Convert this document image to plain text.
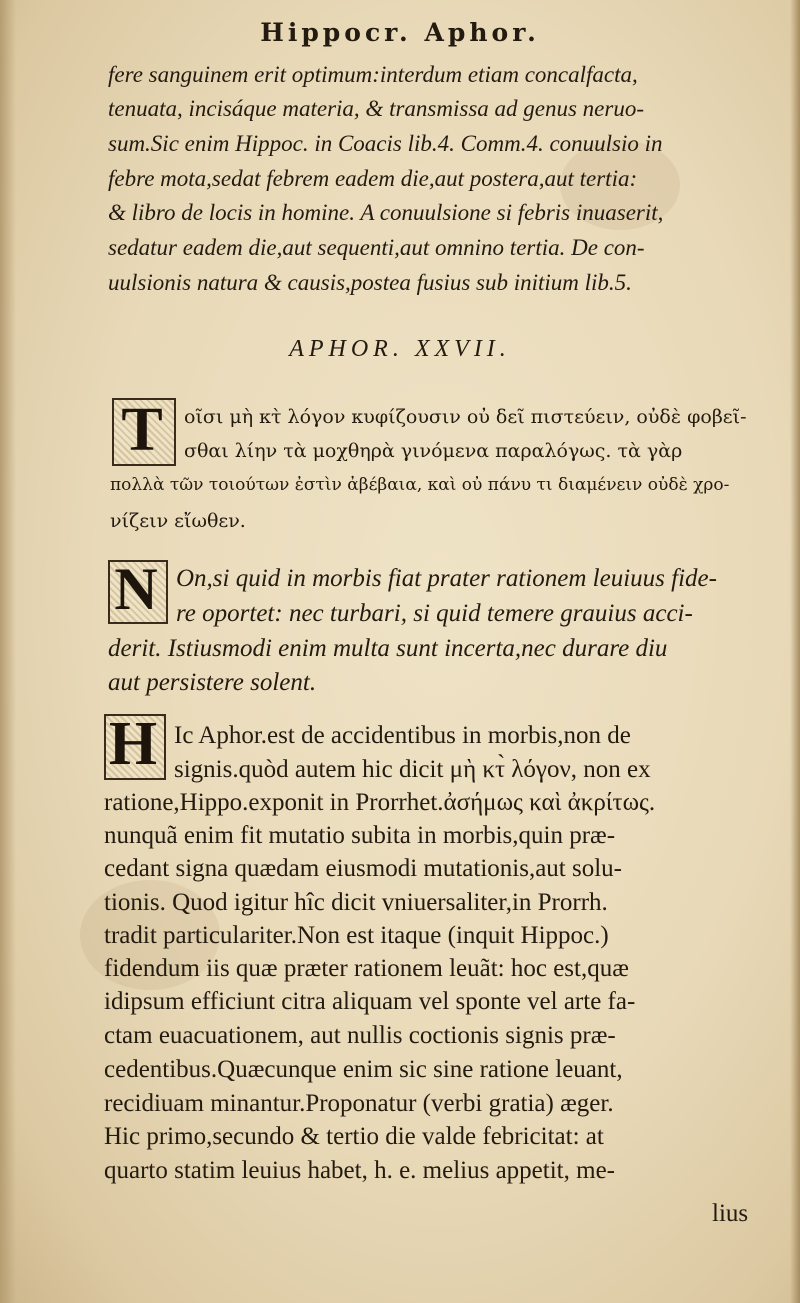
Hippocr. Aphor.
fere sanguinem erit optimum:interdum etiam concalfacta,
tenuata, incisáque materia, & transmissa ad genus neruo-
sum.Sic enim Hippoc. in Coacis lib.4. Comm.4. conuulsio in
febre mota,sedat febrem eadem die,aut postera,aut tertia:
& libro de locis in homine. A conuulsione si febris inuaserit,
sedatur eadem die,aut sequenti,aut omnino tertia. De con-
uulsionis natura & causis,postea fusius sub initium lib.5.
APHOR. XXVII.
T	οῖσι μὴ κτ̀ λόγον κυφίζουσιν οὐ δεῖ πιστεύειν, οὐδὲ φοβεῖ-
σθαι λίην τὰ μοχθηρὰ γινόμενα παραλόγως. τὰ γὰρ
πολλὰ τῶν τοιούτων ἐστὶν ἀβέβαια, καὶ οὐ πάνυ τι διαμένειν οὐδὲ χρο-
νίζειν εἴωθεν.
N On,si quid in morbis fiat prater rationem leuiuus fide-
re oportet: nec turbari, si quid temere grauius acci-
derit. Istiusmodi enim multa sunt incerta,nec durare diu
aut persistere solent.
H Ic Aphor.est de accidentibus in morbis,non de
signis.quòd autem hic dicit μὴ κτ̀ λόγον, non ex
ratione,Hippo.exponit in Prorrhet.ἀσήμως καὶ ἀκρίτως.
nunquã enim fit mutatio subita in morbis,quin præ-
cedant signa quædam eiusmodi mutationis,aut solu-
tionis. Quod igitur hîc dicit vniuersaliter,in Prorrh.
tradit particulariter.Non est itaque (inquit Hippoc.)
fidendum iis quæ præter rationem leuãt: hoc est,quæ
idipsum efficiunt citra aliquam vel sponte vel arte fa-
ctam euacuationem, aut nullis coctionis signis præ-
cedentibus.Quæcunque enim sic sine ratione leuant,
recidiuam minantur.Proponatur (verbi gratia) æger.
Hic primo,secundo & tertio die valde febricitat: at
quarto statim leuius habet, h. e. melius appetit, me-
lius
